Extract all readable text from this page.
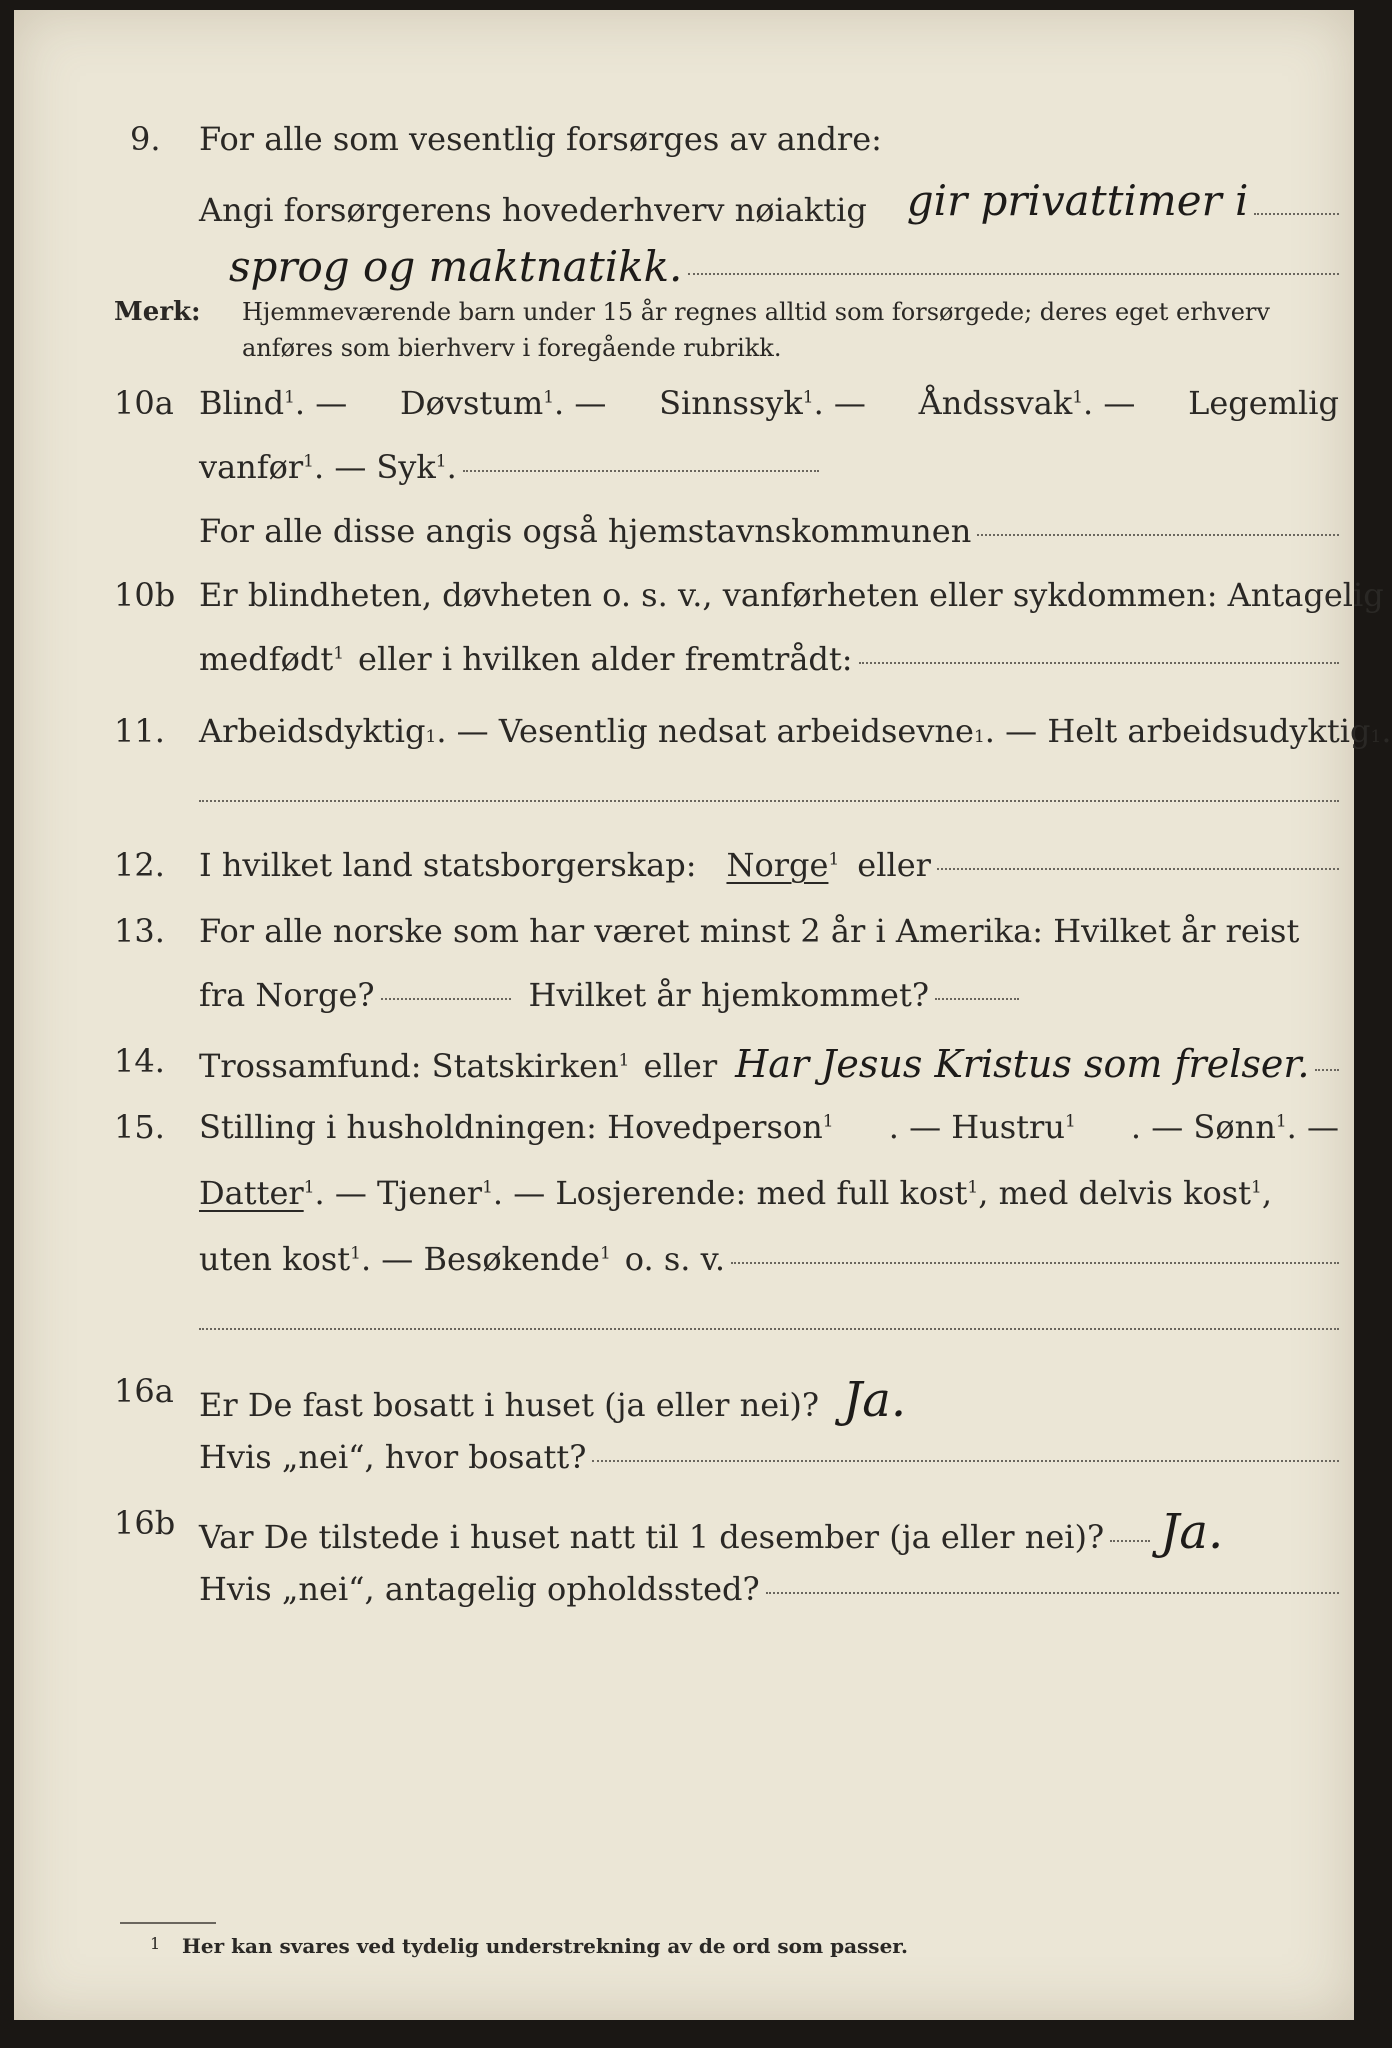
9. For alle som vesentlig forsørges av andre:
Angi forsørgerens hovederhverv nøiaktig gir privattimer i
sprog og maktnatikk.
Merk: Hjemmeværende barn under 15 år regnes alltid som forsørgede; deres eget erhverv
anføres som bierhverv i foregående rubrikk.
10a Blind$^1$. — Døvstum$^1$. — Sinnssyk$^1$. — Åndssvak$^1$. — Legemlig
vanfør$^1$. — Syk$^1$.
For alle disse angis også hjemstavnskommunen
10b Er blindheten, døvheten o. s. v., vanførheten eller sykdommen: Antagelig
medfødt$^1$ eller i hvilken alder fremtrådt:
11. Arbeidsdyktig 1 . — Vesentlig nedsat arbeidsevne 1 . — Helt arbeidsudyktig 1 .
12. I hvilket land statsborgerskap: Norge$^1$ eller
13. For alle norske som har været minst 2 år i Amerika: Hvilket år reist
fra Norge?	Hvilket år hjemkommet?
14. Trossamfund: Statskirken$^1$ eller Har Jesus Kristus som frelser.
15. Stilling i husholdningen: Hovedperson$^1$ . — Hustru$^1$ . — Sønn$^1$. —
Datter$^1$ . — Tjener$^1$ . — Losjerende: med full kost$^1$ , med delvis kost$^1$,
uten kost$^1$ . — Besøkende$^1$ o. s. v.
16a Er De fast bosatt i huset (ja eller nei)? Ja.
Hvis „nei“, hvor bosatt?
16b Var De tilstede i huset natt til 1 desember (ja eller nei)? Ja.
Hvis „nei“, antagelig opholdssted?
1 Her kan svares ved tydelig understrekning av de ord som passer.
